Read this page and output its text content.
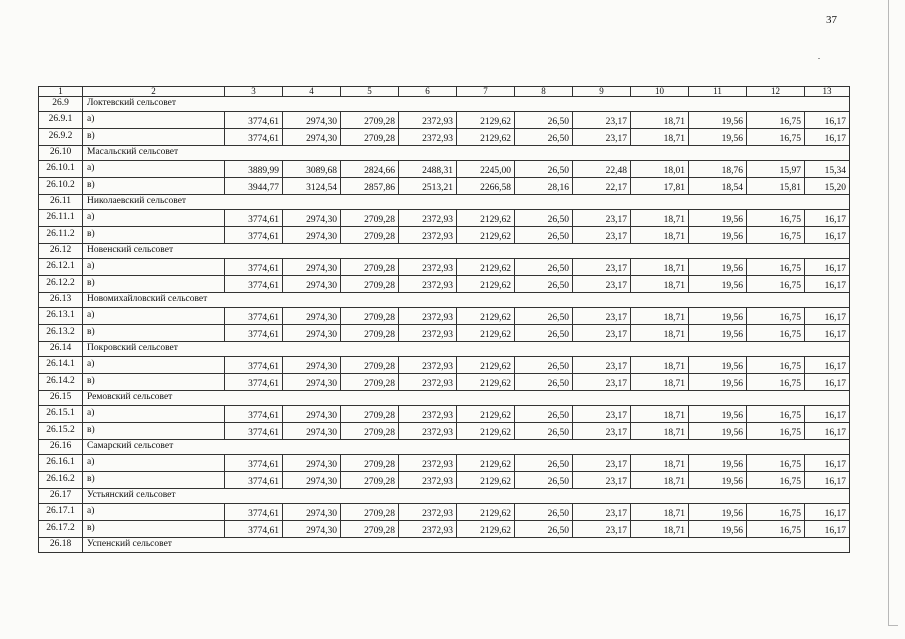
37
1	2	3	4	5	6	7	8	9	10	11	12	13
26.9	Локтевский сельсовет											
26.9.1	а)	3774,61	2974,30	2709,28	2372,93	2129,62	26,50	23,17	18,71	19,56	16,75	16,17
26.9.2	в)	3774,61	2974,30	2709,28	2372,93	2129,62	26,50	23,17	18,71	19,56	16,75	16,17
26.10	Масальский сельсовет											
26.10.1	а)	3889,99	3089,68	2824,66	2488,31	2245,00	26,50	22,48	18,01	18,76	15,97	15,34
26.10.2	в)	3944,77	3124,54	2857,86	2513,21	2266,58	28,16	22,17	17,81	18,54	15,81	15,20
26.11	Николаевский сельсовет											
26.11.1	а)	3774,61	2974,30	2709,28	2372,93	2129,62	26,50	23,17	18,71	19,56	16,75	16,17
26.11.2	в)	3774,61	2974,30	2709,28	2372,93	2129,62	26,50	23,17	18,71	19,56	16,75	16,17
26.12	Новенский сельсовет											
26.12.1	а)	3774,61	2974,30	2709,28	2372,93	2129,62	26,50	23,17	18,71	19,56	16,75	16,17
26.12.2	в)	3774,61	2974,30	2709,28	2372,93	2129,62	26,50	23,17	18,71	19,56	16,75	16,17
26.13	Новомихайловский сельсовет											
26.13.1	а)	3774,61	2974,30	2709,28	2372,93	2129,62	26,50	23,17	18,71	19,56	16,75	16,17
26.13.2	в)	3774,61	2974,30	2709,28	2372,93	2129,62	26,50	23,17	18,71	19,56	16,75	16,17
26.14	Покровский сельсовет											
26.14.1	а)	3774,61	2974,30	2709,28	2372,93	2129,62	26,50	23,17	18,71	19,56	16,75	16,17
26.14.2	в)	3774,61	2974,30	2709,28	2372,93	2129,62	26,50	23,17	18,71	19,56	16,75	16,17
26.15	Ремовский сельсовет											
26.15.1	а)	3774,61	2974,30	2709,28	2372,93	2129,62	26,50	23,17	18,71	19,56	16,75	16,17
26.15.2	в)	3774,61	2974,30	2709,28	2372,93	2129,62	26,50	23,17	18,71	19,56	16,75	16,17
26.16	Самарский сельсовет											
26.16.1	а)	3774,61	2974,30	2709,28	2372,93	2129,62	26,50	23,17	18,71	19,56	16,75	16,17
26.16.2	в)	3774,61	2974,30	2709,28	2372,93	2129,62	26,50	23,17	18,71	19,56	16,75	16,17
26.17	Устьянский сельсовет											
26.17.1	а)	3774,61	2974,30	2709,28	2372,93	2129,62	26,50	23,17	18,71	19,56	16,75	16,17
26.17.2	в)	3774,61	2974,30	2709,28	2372,93	2129,62	26,50	23,17	18,71	19,56	16,75	16,17
26.18	Успенский сельсовет											
